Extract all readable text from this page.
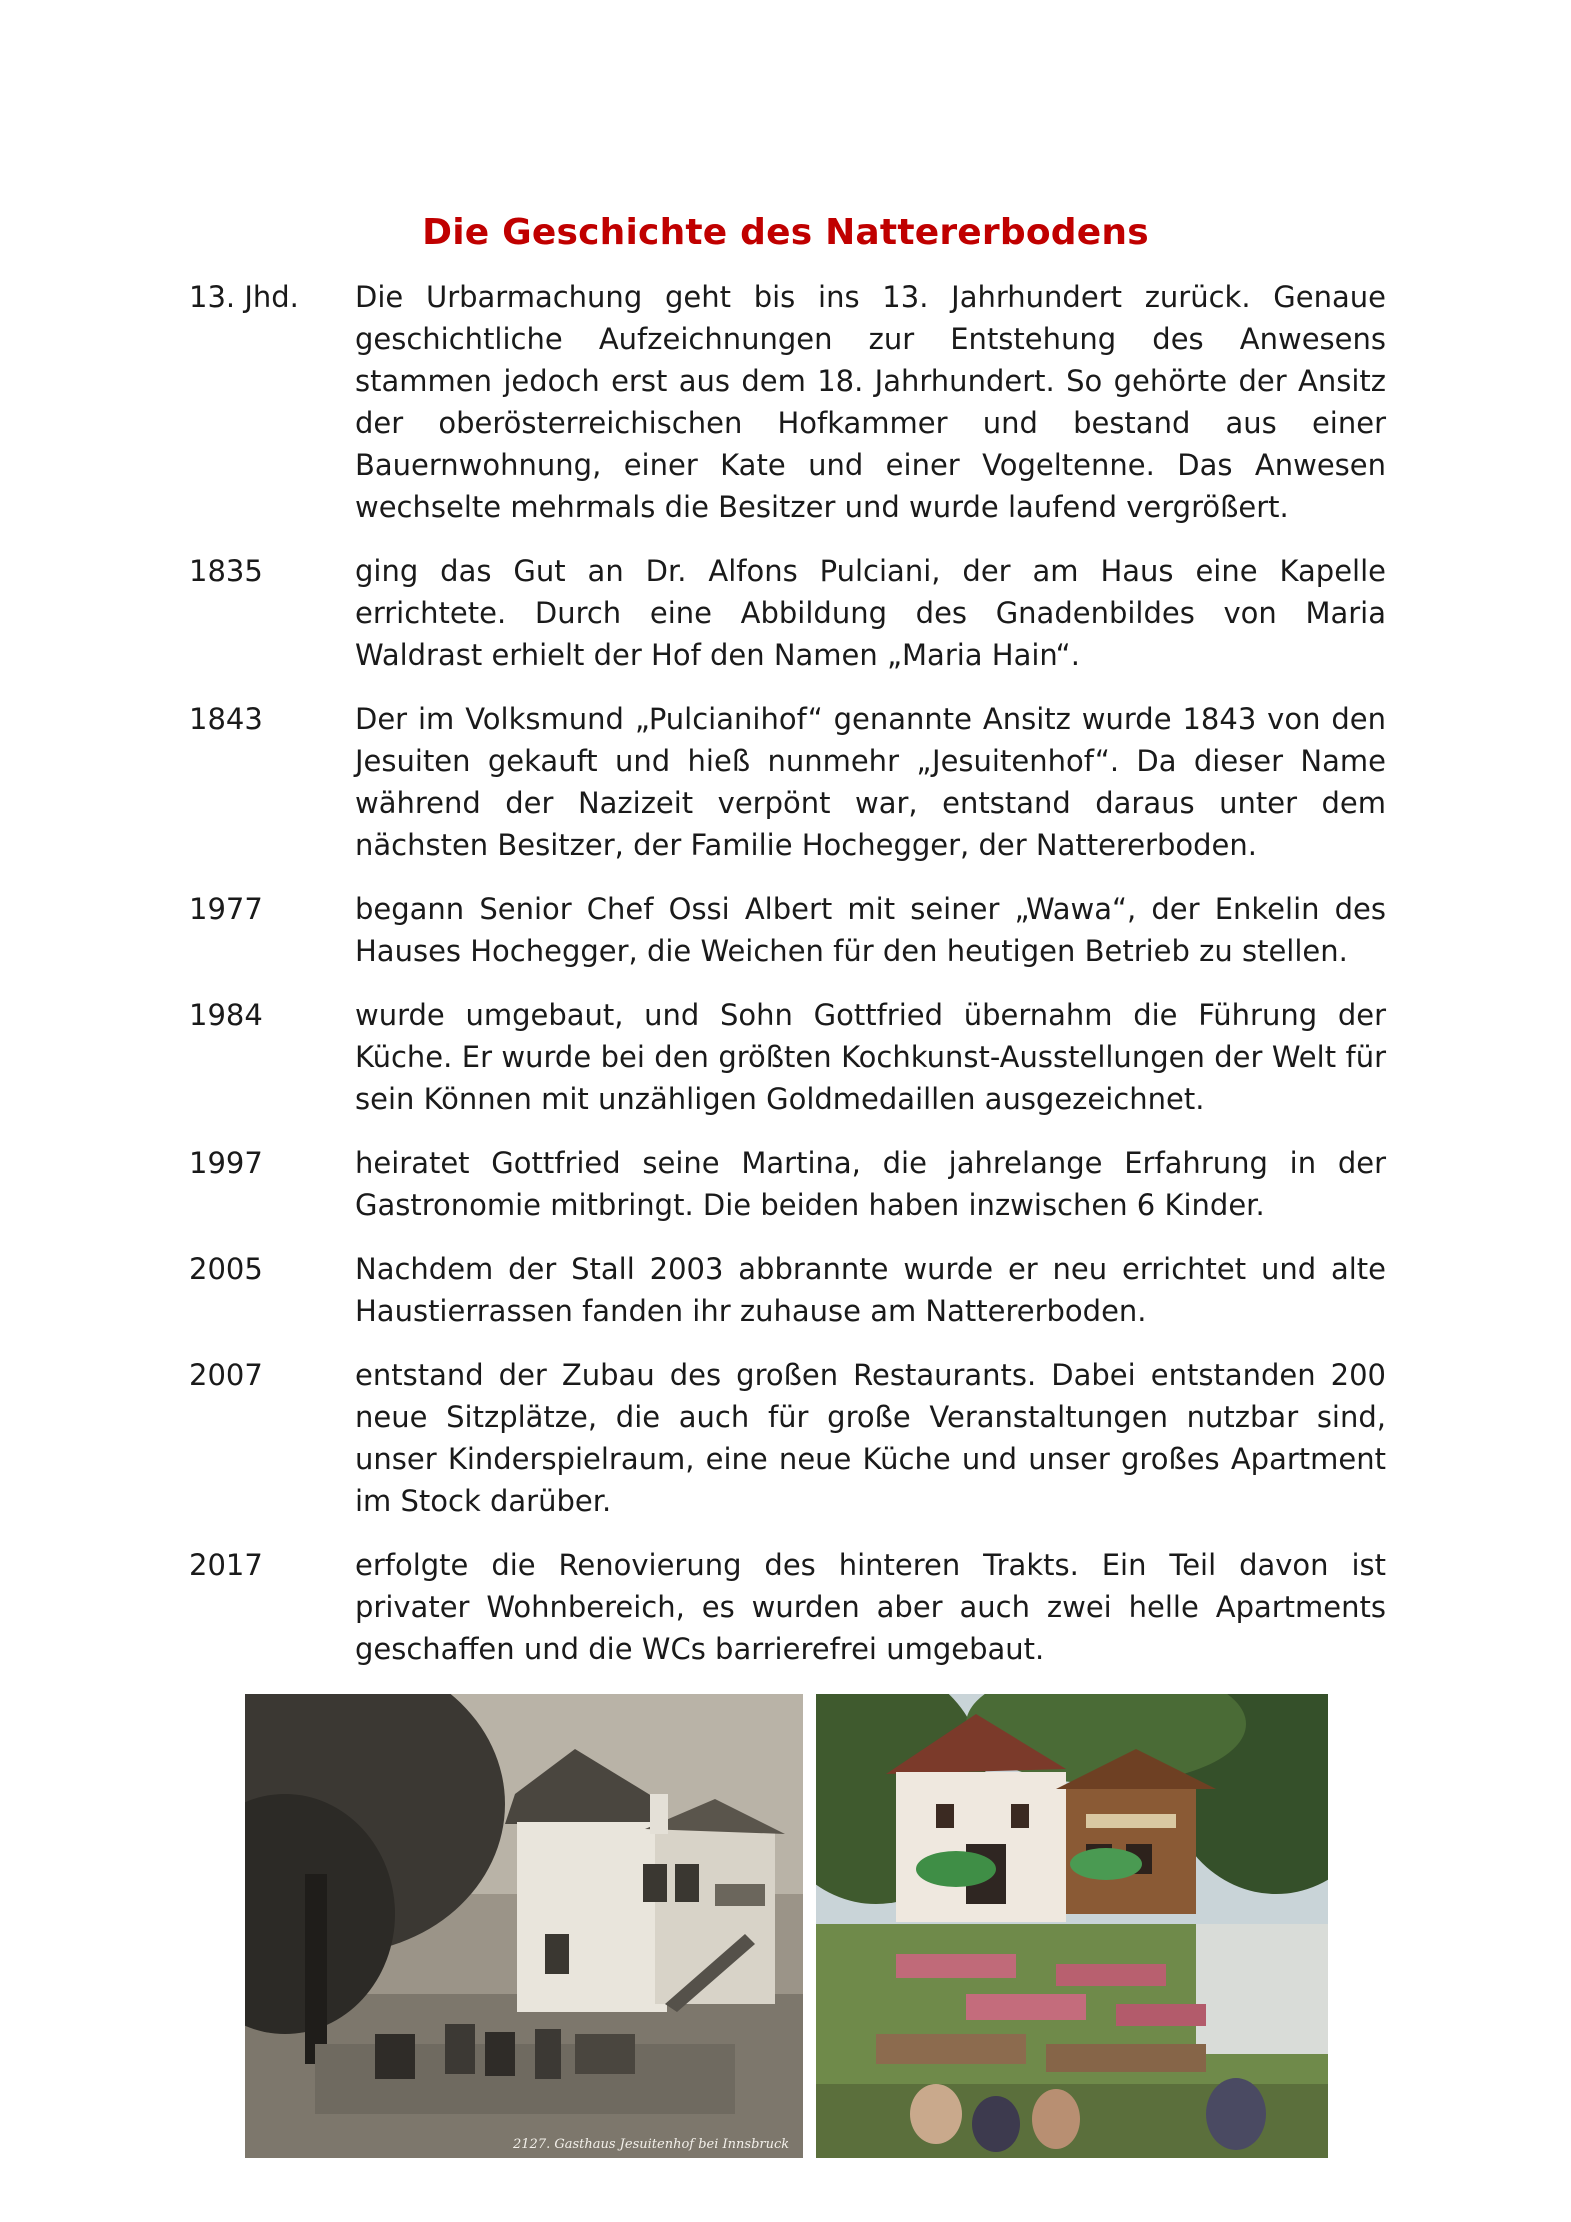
Die Geschichte des Nattererbodens
13. Jhd.	Die Urbarmachung geht bis ins 13. Jahrhundert zurück. Genaue geschichtliche Aufzeichnungen zur Entstehung des Anwesens stammen jedoch erst aus dem 18. Jahrhundert. So gehörte der Ansitz der oberösterreichischen Hofkammer und bestand aus einer Bauernwohnung, einer Kate und einer Vogeltenne. Das Anwesen wechselte mehrmals die Besitzer und wurde laufend vergrößert.
1835	ging das Gut an Dr. Alfons Pulciani, der am Haus eine Kapelle errichtete. Durch eine Abbildung des Gnadenbildes von Maria Waldrast erhielt der Hof den Namen „Maria Hain“.
1843	Der im Volksmund „Pulcianihof“ genannte Ansitz wurde 1843 von den Jesuiten gekauft und hieß nunmehr „Jesuitenhof“. Da dieser Name während der Nazizeit verpönt war, entstand daraus unter dem nächsten Besitzer, der Familie Hochegger, der Nattererboden.
1977	begann Senior Chef Ossi Albert mit seiner „Wawa“, der Enkelin des Hauses Hochegger, die Weichen für den heutigen Betrieb zu stellen.
1984	wurde umgebaut, und Sohn Gottfried übernahm die Führung der Küche. Er wurde bei den größten Kochkunst-Ausstellungen der Welt für sein Können mit unzähligen Goldmedaillen ausgezeichnet.
1997	heiratet Gottfried seine Martina, die jahrelange Erfahrung in der Gastronomie mitbringt. Die beiden haben inzwischen 6 Kinder.
2005	Nachdem der Stall 2003 abbrannte wurde er neu errichtet und alte Haustierrassen fanden ihr zuhause am Nattererboden.
2007	entstand der Zubau des großen Restaurants. Dabei entstanden 200 neue Sitzplätze, die auch für große Veranstaltungen nutzbar sind, unser Kinderspielraum, eine neue Küche und unser großes Apartment im Stock darüber.
2017	erfolgte die Renovierung des hinteren Trakts. Ein Teil davon ist privater Wohnbereich, es wurden aber auch zwei helle Apartments geschaffen und die WCs barrierefrei umgebaut.
2127. Gasthaus Jesuitenhof bei Innsbruck
